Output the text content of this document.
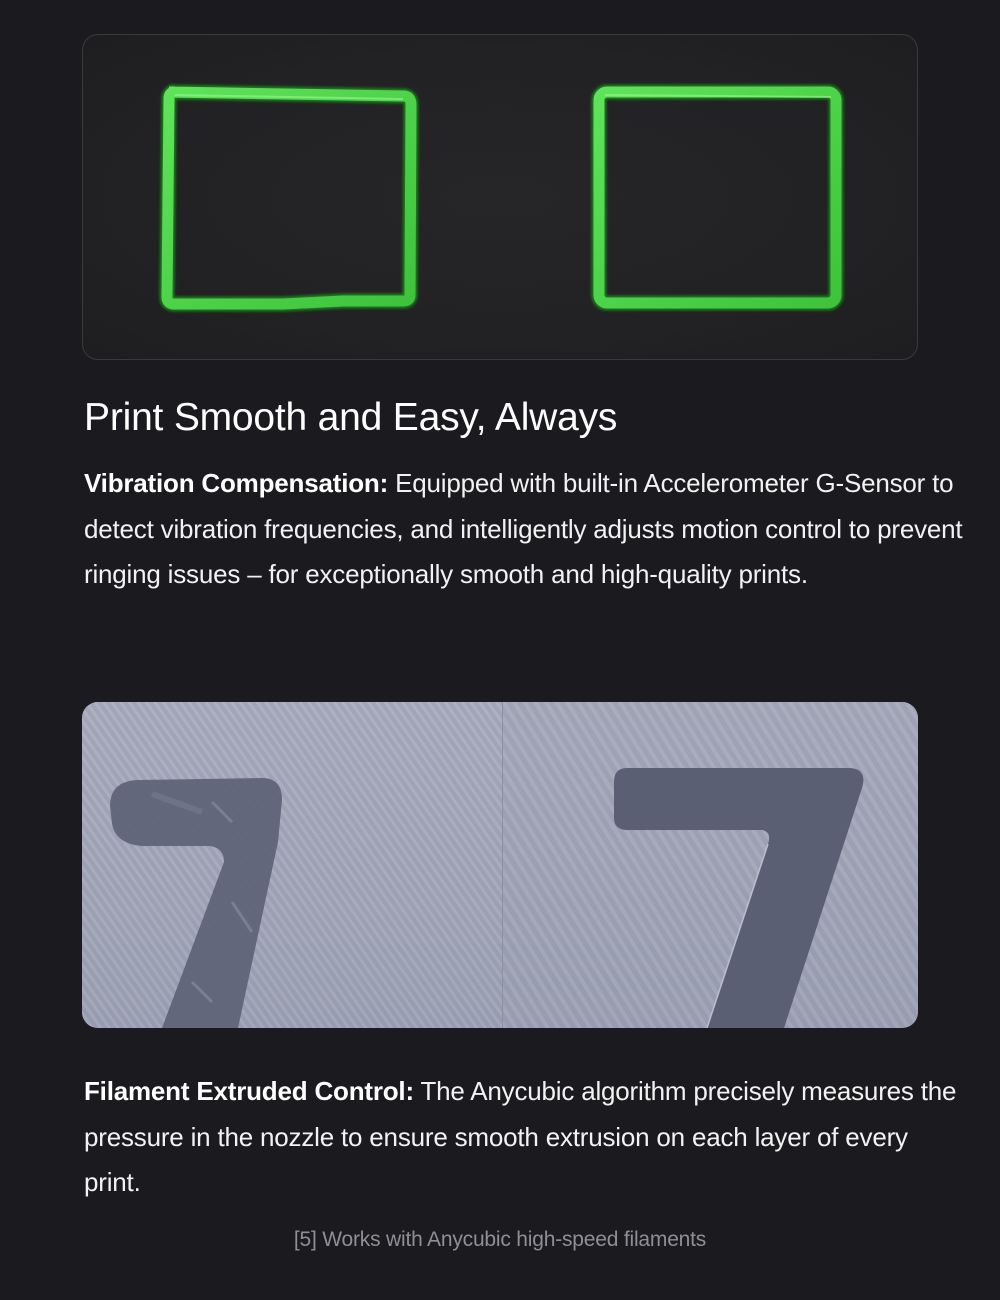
Print Smooth and Easy, Always

Vibration Compensation: Equipped with built-in Accelerometer G-Sensor to detect vibration frequencies, and intelligently adjusts motion control to prevent ringing issues – for exceptionally smooth and high-quality prints.

Filament Extruded Control: The Anycubic algorithm precisely measures the pressure in the nozzle to ensure smooth extrusion on each layer of every print.

[5] Works with Anycubic high-speed filaments
